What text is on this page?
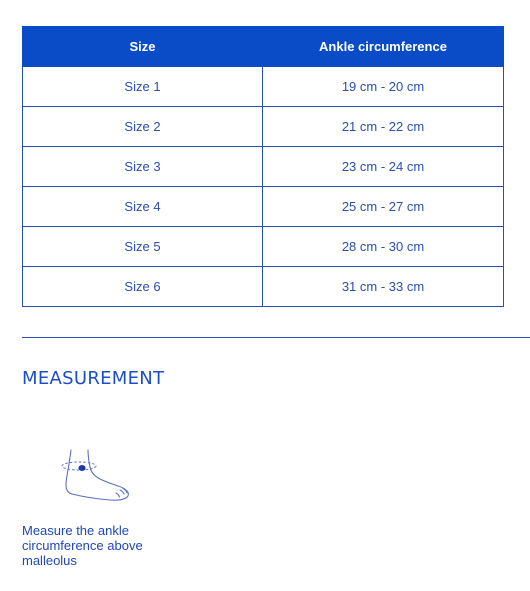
Size	Ankle circumference
Size 1	19 cm - 20 cm
Size 2	21 cm - 22 cm
Size 3	23 cm - 24 cm
Size 4	25 cm - 27 cm
Size 5	28 cm - 30 cm
Size 6	31 cm - 33 cm
MEASUREMENT

Measure the ankle circumference above malleolus
